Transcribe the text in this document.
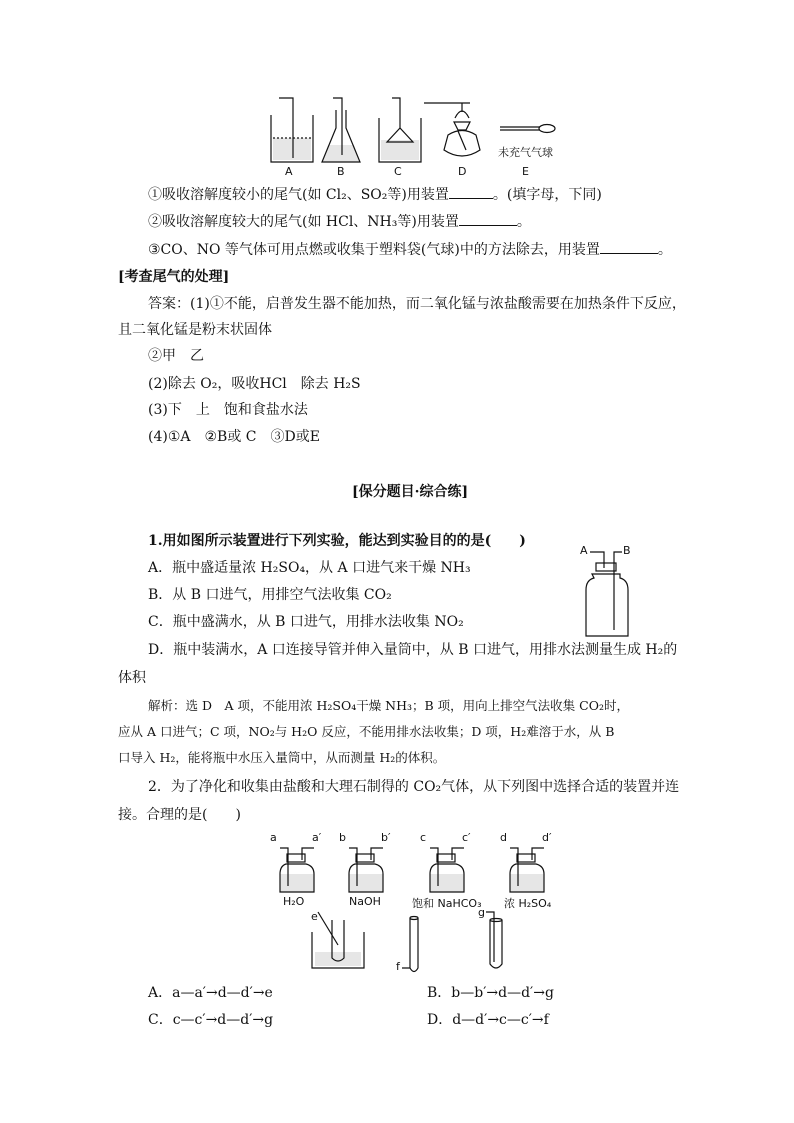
A	B	C	D	E
未充气气球
①吸收溶解度较小的尾气(如 Cl₂、SO₂等)用装置	。(填字母，下同)
②吸收溶解度较大的尾气(如 HCl、NH₃等)用装置	。
③CO、NO 等气体可用点燃或收集于塑料袋(气球)中的方法除去，用装置	。
[考查尾气的处理]
答案：(1)①不能，启普发生器不能加热，而二氧化锰与浓盐酸需要在加热条件下反应，
且二氧化锰是粉末状固体
②甲　乙
(2)除去 O₂，吸收HCl　除去 H₂S
(3)下　上　饱和食盐水法
(4)①A　②B或 C　③D或E
[保分题目·综合练]
1.用如图所示装置进行下列实验，能达到实验目的的是(　　)
A．瓶中盛适量浓 H₂SO₄，从 A 口进气来干燥 NH₃
B．从 B 口进气，用排空气法收集 CO₂
C．瓶中盛满水，从 B 口进气，用排水法收集 NO₂
D．瓶中装满水，A 口连接导管并伸入量筒中，从 B 口进气，用排水法测量生成 H₂的
体积
A	B
解析：选 D　A 项，不能用浓 H₂SO₄干燥 NH₃；B 项，用向上排空气法收集 CO₂时，
应从 A 口进气；C 项，NO₂与 H₂O 反应，不能用排水法收集；D 项，H₂难溶于水，从 B
口导入 H₂，能将瓶中水压入量筒中，从而测量 H₂的体积。
2．为了净化和收集由盐酸和大理石制得的 CO₂气体，从下列图中选择合适的装置并连
接。合理的是(　　)
a	a′
H₂O
b	b′
NaOH
c	c′
饱和 NaHCO₃
d	d′
浓 H₂SO₄
e
f
g
A．a—a′→d—d′→e	B．b—b′→d—d′→g
C．c—c′→d—d′→g	D．d—d′→c—c′→f
